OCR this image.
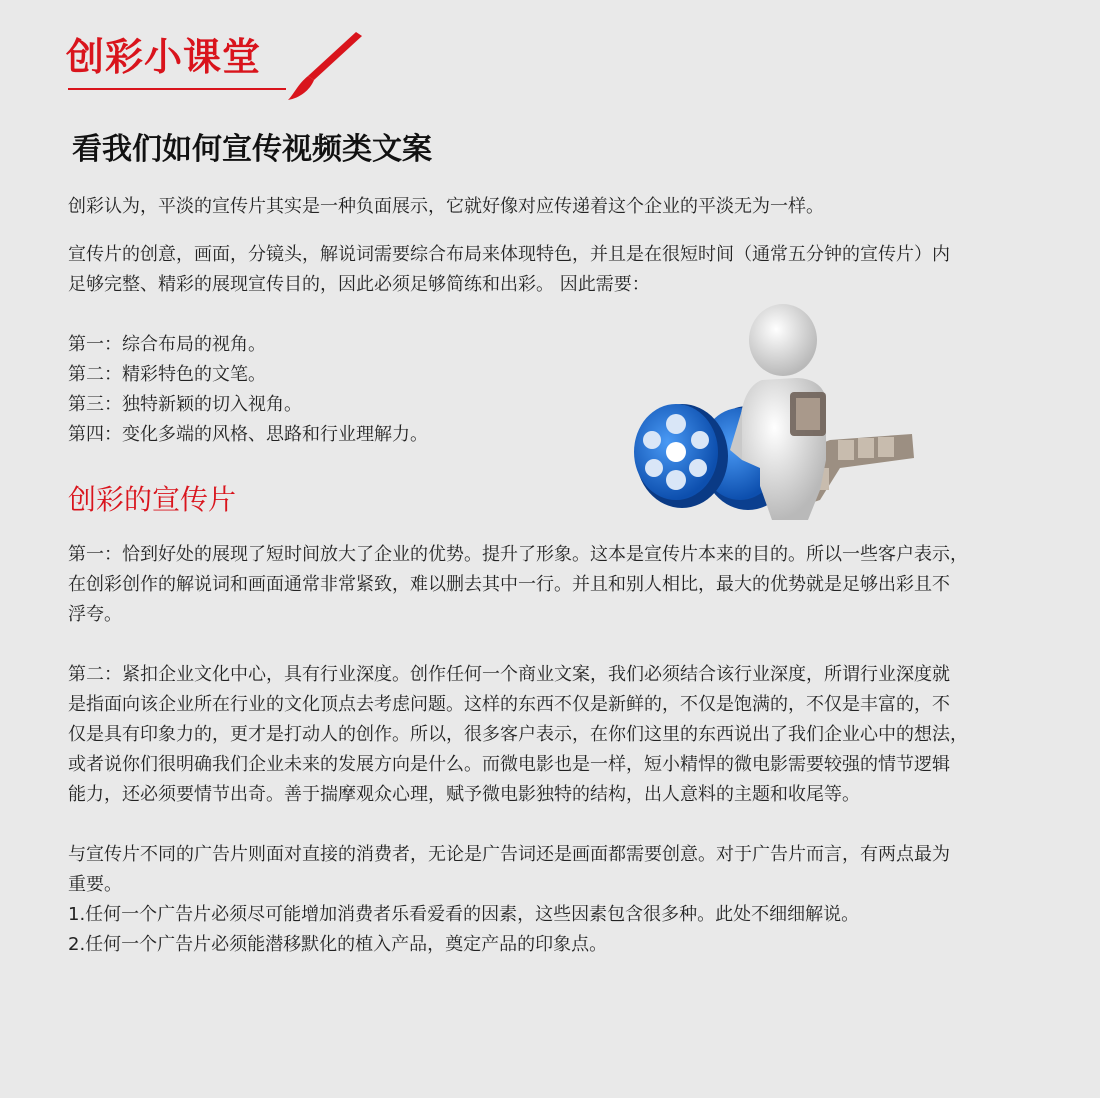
创彩小课堂
看我们如何宣传视频类文案

创彩认为，平淡的宣传片其实是一种负面展示，它就好像对应传递着这个企业的平淡无为一样。

宣传片的创意，画面，分镜头，解说词需要综合布局来体现特色，并且是在很短时间（通常五分钟的宣传片）内

足够完整、精彩的展现宣传目的，因此必须足够简练和出彩。 因此需要：

第一：综合布局的视角。

第二：精彩特色的文笔。

第三：独特新颖的切入视角。

第四：变化多端的风格、思路和行业理解力。

创彩的宣传片

第一：恰到好处的展现了短时间放大了企业的优势。提升了形象。这本是宣传片本来的目的。所以一些客户表示，

在创彩创作的解说词和画面通常非常紧致，难以删去其中一行。并且和别人相比，最大的优势就是足够出彩且不

浮夸。

第二：紧扣企业文化中心，具有行业深度。创作任何一个商业文案，我们必须结合该行业深度，所谓行业深度就

是指面向该企业所在行业的文化顶点去考虑问题。这样的东西不仅是新鲜的，不仅是饱满的，不仅是丰富的，不

仅是具有印象力的，更才是打动人的创作。所以，很多客户表示，在你们这里的东西说出了我们企业心中的想法，

或者说你们很明确我们企业未来的发展方向是什么。而微电影也是一样，短小精悍的微电影需要较强的情节逻辑

能力，还必须要情节出奇。善于揣摩观众心理，赋予微电影独特的结构，出人意料的主题和收尾等。

与宣传片不同的广告片则面对直接的消费者，无论是广告词还是画面都需要创意。对于广告片而言，有两点最为

重要。

1.任何一个广告片必须尽可能增加消费者乐看爱看的因素，这些因素包含很多种。此处不细细解说。

2.任何一个广告片必须能潜移默化的植入产品，奠定产品的印象点。
